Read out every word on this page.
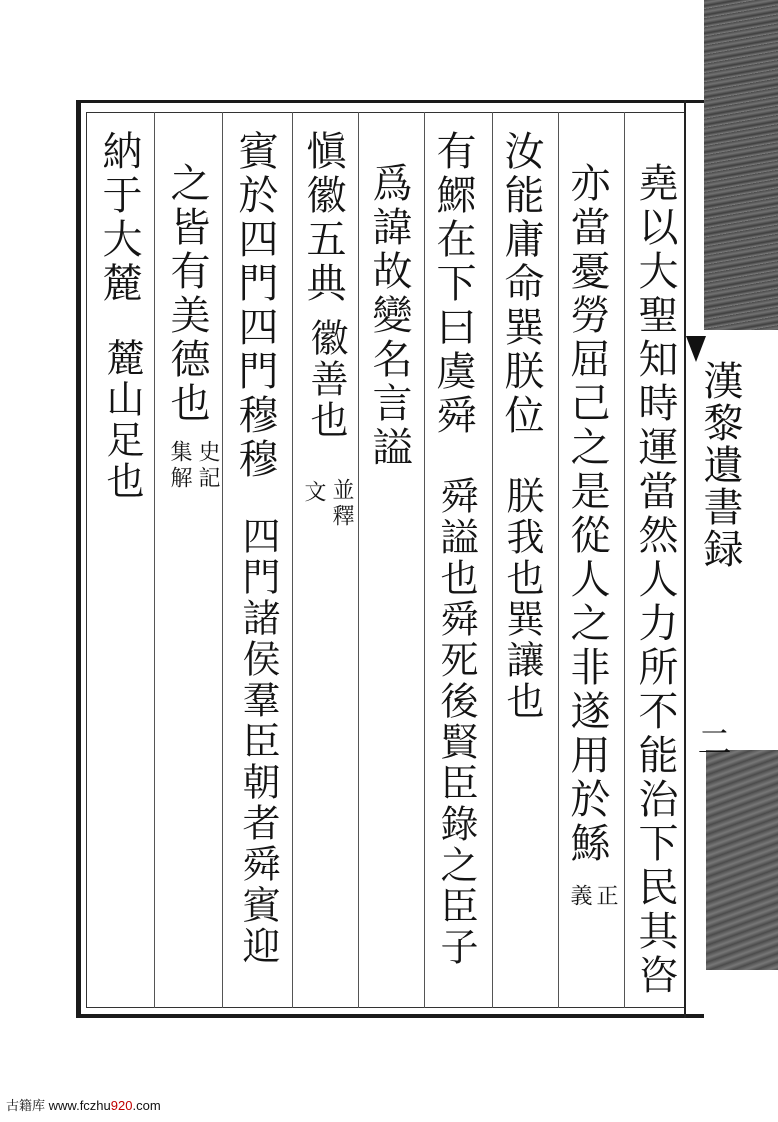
漢黎遺書録
二
堯以大聖知時運當然人力所不能治下民其咨
亦當憂勞屈己之是從人之非遂用於鯀
正
義
汝能庸命巽朕位
朕我也巽讓也
有鰥在下曰虞舜
舜謚也舜死後賢臣錄之臣子
爲諱故變名言謚
愼徽五典
徽善也
並
釋
文
賓於四門四門穆穆
四門諸侯羣臣朝者舜賓迎
之皆有美德也
史
記
集
解
納于大麓
麓山足也
古籍库 www.fczhu920.com
